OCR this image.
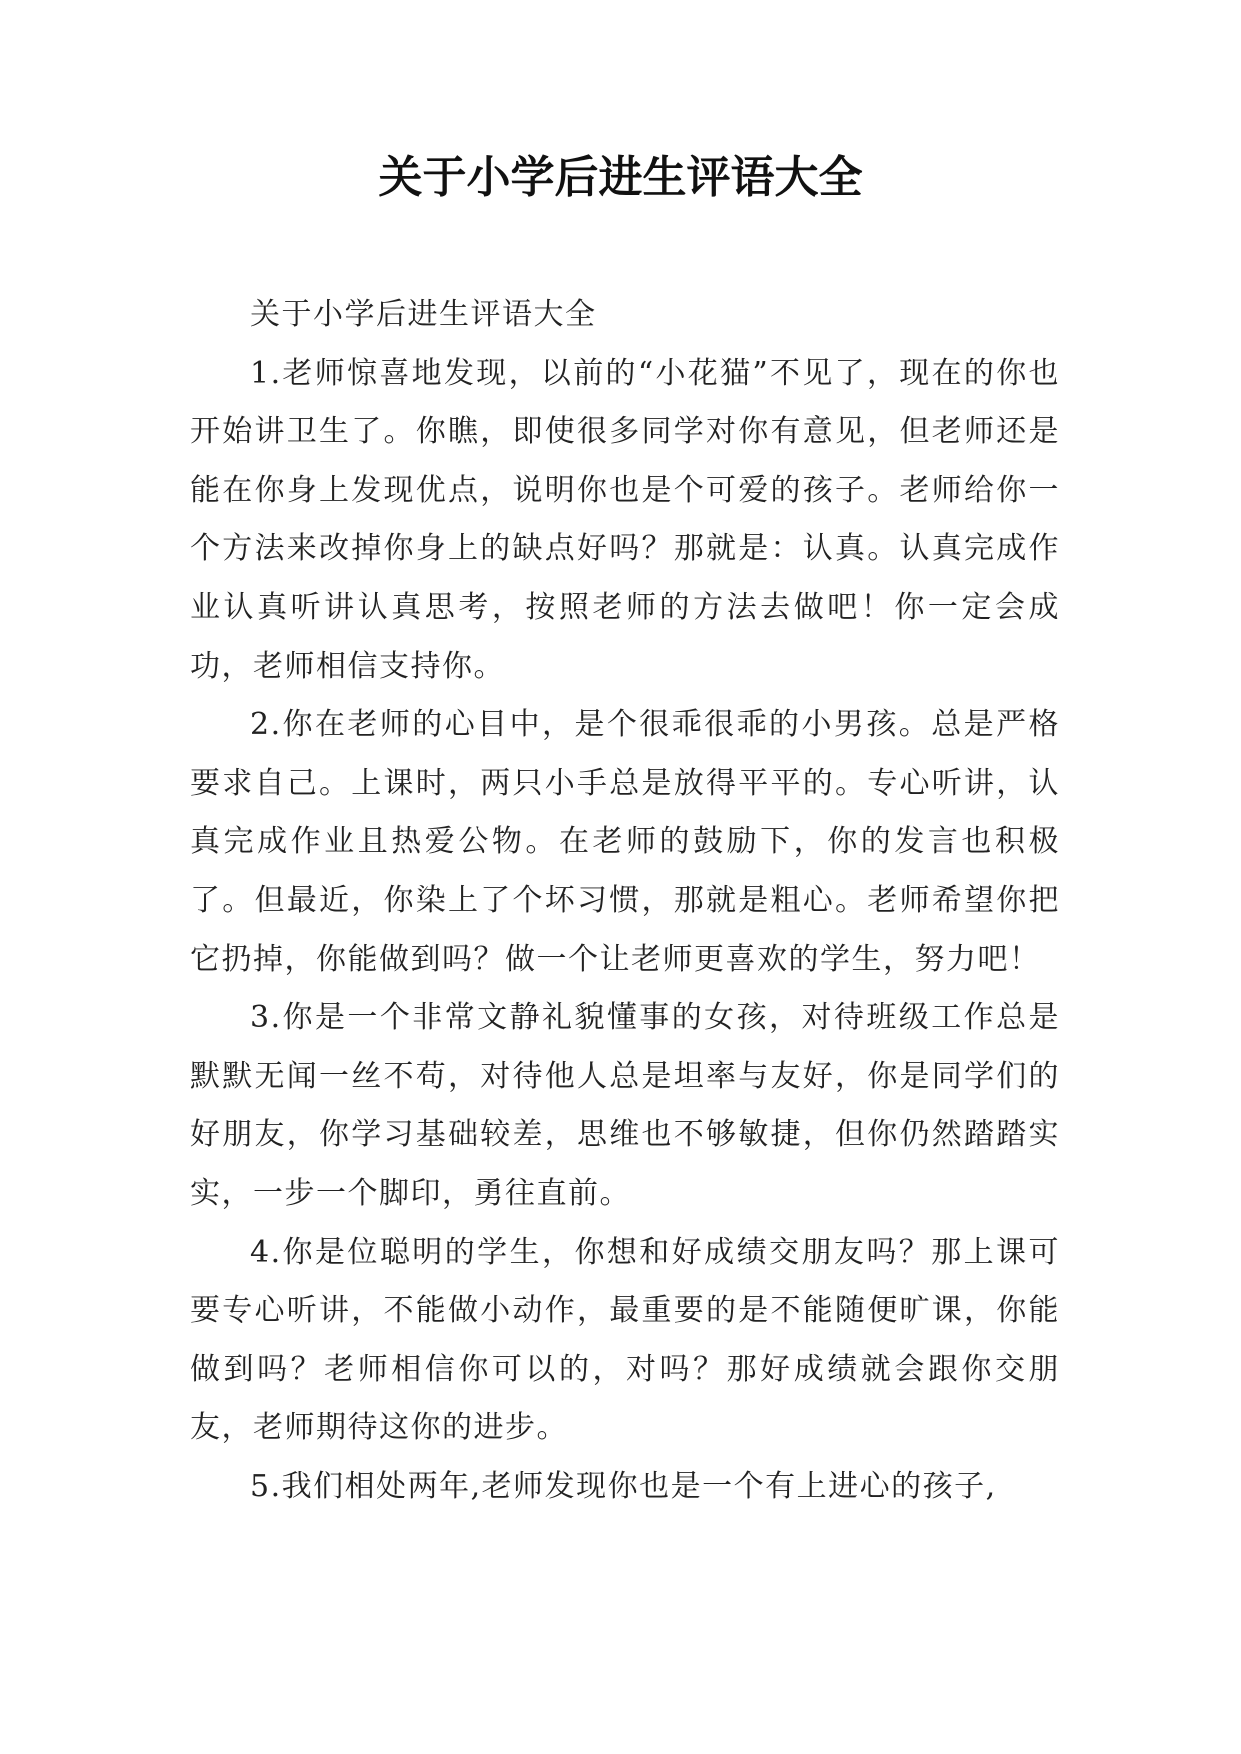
关于小学后进生评语大全

关于小学后进生评语大全

1.老师惊喜地发现，以前的“小花猫”不见了，现在的你也开始讲卫生了。你瞧，即使很多同学对你有意见，但老师还是能在你身上发现优点，说明你也是个可爱的孩子。老师给你一个方法来改掉你身上的缺点好吗？那就是：认真。认真完成作业认真听讲认真思考，按照老师的方法去做吧！你一定会成功，老师相信支持你。

2.你在老师的心目中，是个很乖很乖的小男孩。总是严格要求自己。上课时，两只小手总是放得平平的。专心听讲，认真完成作业且热爱公物。在老师的鼓励下，你的发言也积极了。但最近，你染上了个坏习惯，那就是粗心。老师希望你把它扔掉，你能做到吗？做一个让老师更喜欢的学生，努力吧！

3.你是一个非常文静礼貌懂事的女孩，对待班级工作总是默默无闻一丝不苟，对待他人总是坦率与友好，你是同学们的好朋友，你学习基础较差，思维也不够敏捷，但你仍然踏踏实实，一步一个脚印，勇往直前。

4.你是位聪明的学生，你想和好成绩交朋友吗？那上课可要专心听讲，不能做小动作，最重要的是不能随便旷课，你能做到吗？老师相信你可以的，对吗？那好成绩就会跟你交朋友，老师期待这你的进步。

5.我们相处两年,老师发现你也是一个有上进心的孩子,
